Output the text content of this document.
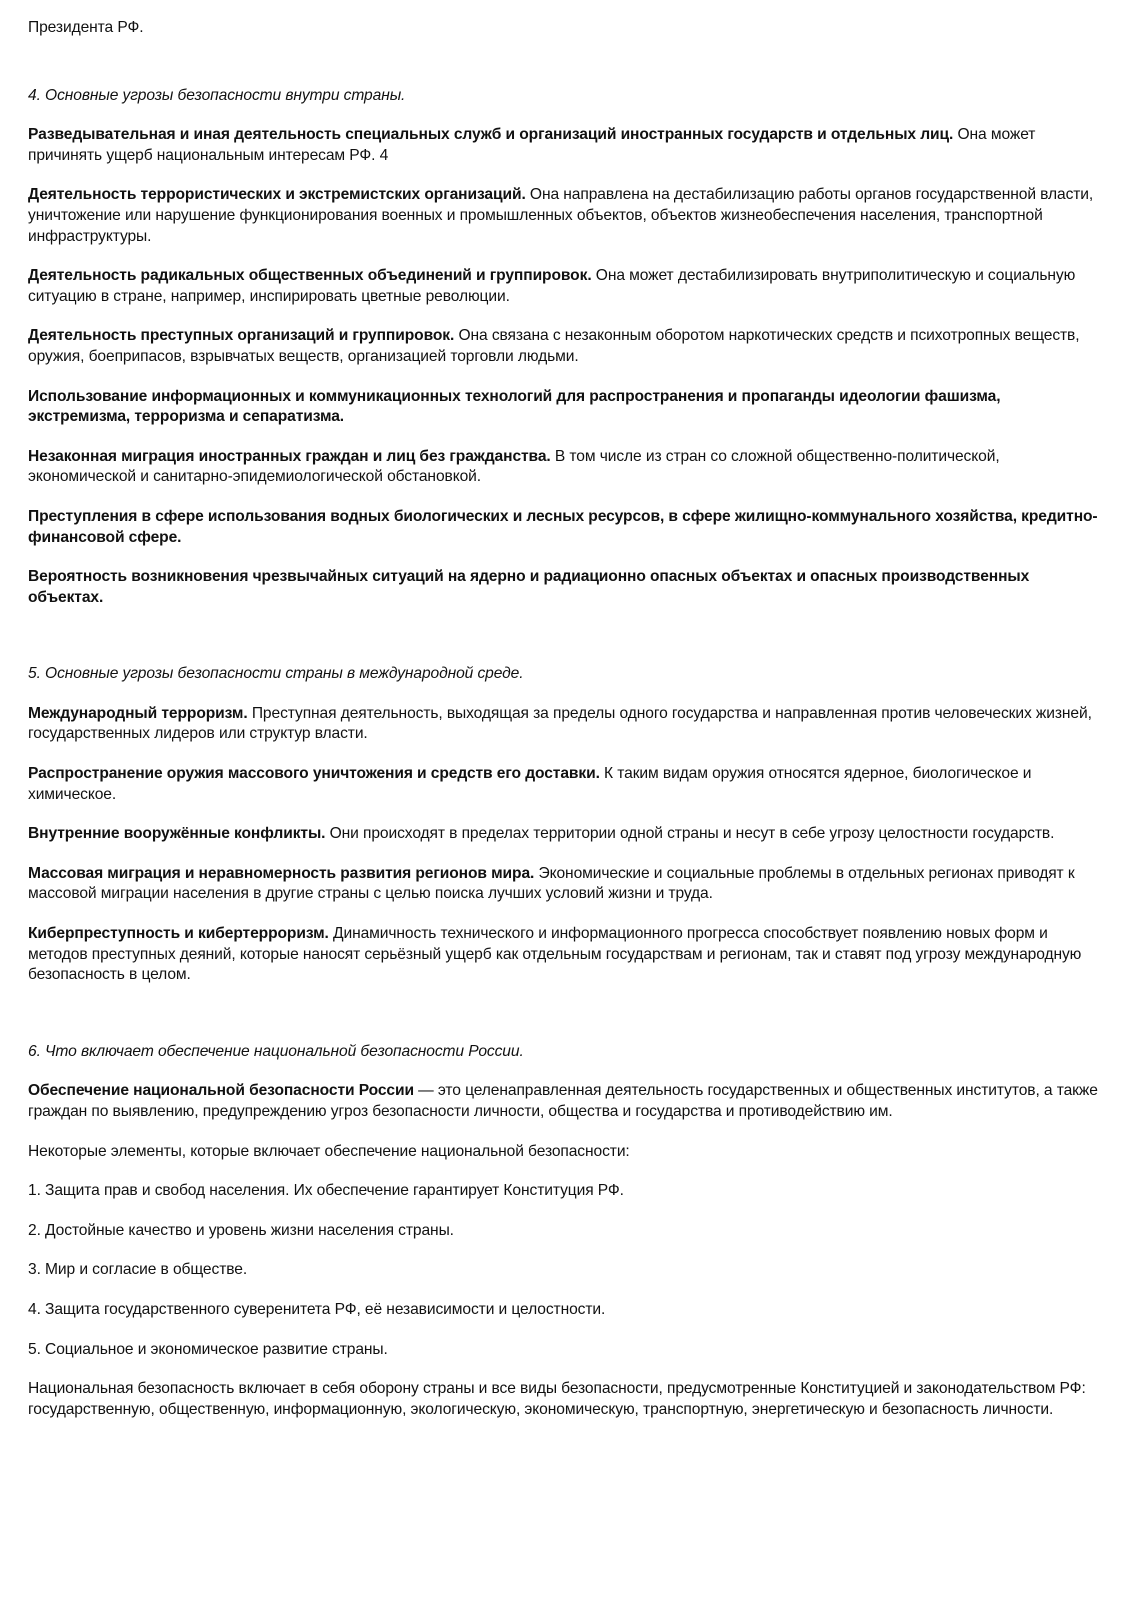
Президента РФ.

4. Основные угрозы безопасности внутри страны.

Разведывательная и иная деятельность специальных служб и организаций иностранных государств и отдельных лиц. Она может причинять ущерб национальным интересам РФ. 4

Деятельность террористических и экстремистских организаций. Она направлена на дестабилизацию работы органов государственной власти, уничтожение или нарушение функционирования военных и промышленных объектов, объектов жизнеобеспечения населения, транспортной инфраструктуры.

Деятельность радикальных общественных объединений и группировок. Она может дестабилизировать внутриполитическую и социальную ситуацию в стране, например, инспирировать цветные революции.

Деятельность преступных организаций и группировок. Она связана с незаконным оборотом наркотических средств и психотропных веществ, оружия, боеприпасов, взрывчатых веществ, организацией торговли людьми.

Использование информационных и коммуникационных технологий для распространения и пропаганды идеологии фашизма, экстремизма, терроризма и сепаратизма.

Незаконная миграция иностранных граждан и лиц без гражданства. В том числе из стран со сложной общественно-политической, экономической и санитарно-эпидемиологической обстановкой.

Преступления в сфере использования водных биологических и лесных ресурсов, в сфере жилищно-коммунального хозяйства, кредитно-финансовой сфере.

Вероятность возникновения чрезвычайных ситуаций на ядерно и радиационно опасных объектах и опасных производственных объектах.

5. Основные угрозы безопасности страны в международной среде.

Международный терроризм. Преступная деятельность, выходящая за пределы одного государства и направленная против человеческих жизней, государственных лидеров или структур власти.

Распространение оружия массового уничтожения и средств его доставки. К таким видам оружия относятся ядерное, биологическое и химическое.

Внутренние вооружённые конфликты. Они происходят в пределах территории одной страны и несут в себе угрозу целостности государств.

Массовая миграция и неравномерность развития регионов мира. Экономические и социальные проблемы в отдельных регионах приводят к массовой миграции населения в другие страны с целью поиска лучших условий жизни и труда.

Киберпреступность и кибертерроризм. Динамичность технического и информационного прогресса способствует появлению новых форм и методов преступных деяний, которые наносят серьёзный ущерб как отдельным государствам и регионам, так и ставят под угрозу международную безопасность в целом.

6. Что включает обеспечение национальной безопасности России.

Обеспечение национальной безопасности России — это целенаправленная деятельность государственных и общественных институтов, а также граждан по выявлению, предупреждению угроз безопасности личности, общества и государства и противодействию им.

Некоторые элементы, которые включает обеспечение национальной безопасности:

1. Защита прав и свобод населения. Их обеспечение гарантирует Конституция РФ.

2. Достойные качество и уровень жизни населения страны.

3. Мир и согласие в обществе.

4. Защита государственного суверенитета РФ, её независимости и целостности.

5. Социальное и экономическое развитие страны.

Национальная безопасность включает в себя оборону страны и все виды безопасности, предусмотренные Конституцией и законодательством РФ: государственную, общественную, информационную, экологическую, экономическую, транспортную, энергетическую и безопасность личности.
